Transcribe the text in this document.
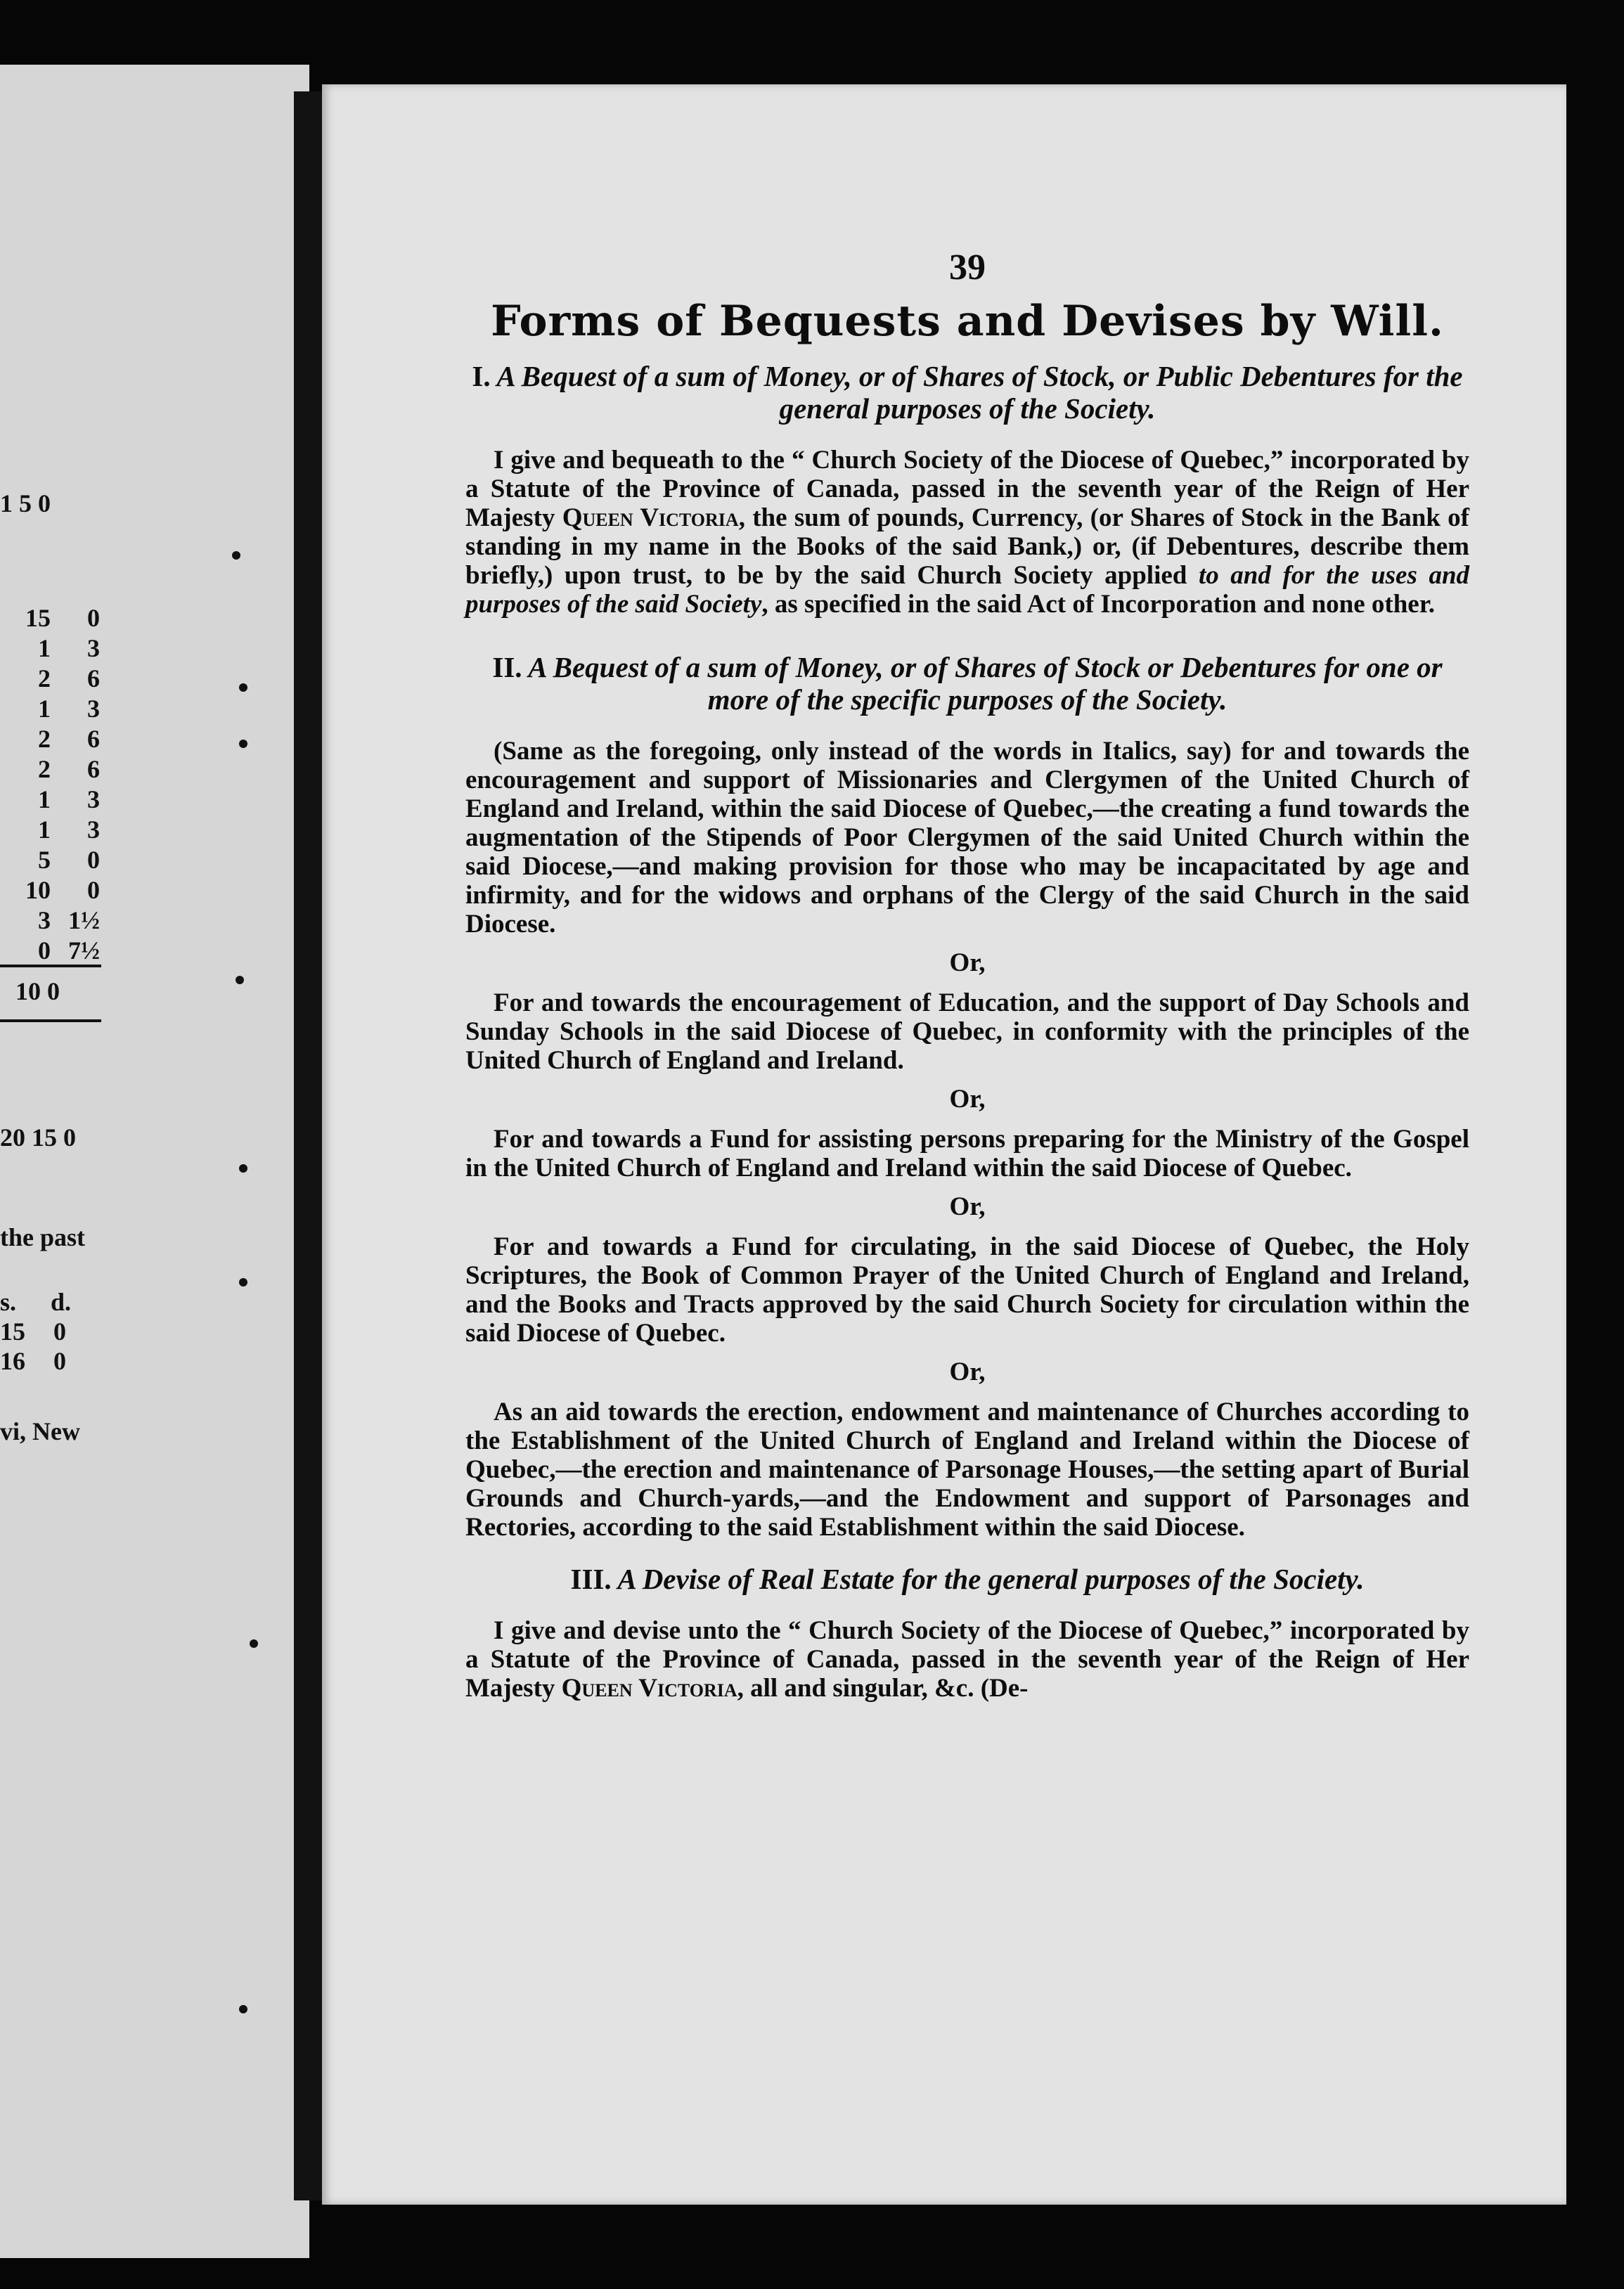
1 5 0
15
1
2
1
2
2
1
1
5
10
3
0
0
3
6
3
6
6
3
3
0
0
1½
7½
10 0
20 15 0
the past
s. d.
15 0
16 0
vi, New
39
Forms of Bequests and Devises by Will.
I. A Bequest of a sum of Money, or of Shares of Stock, or Public Debentures for the general purposes of the Society.

I give and bequeath to the “ Church Society of the Diocese of Quebec,” incorporated by a Statute of the Province of Canada, passed in the seventh year of the Reign of Her Majesty Queen Victoria, the sum of pounds, Currency, (or Shares of Stock in the Bank of standing in my name in the Books of the said Bank,) or, (if Debentures, describe them briefly,) upon trust, to be by the said Church Society applied to and for the uses and purposes of the said Society, as specified in the said Act of Incorporation and none other.

II. A Bequest of a sum of Money, or of Shares of Stock or Debentures for one or more of the specific purposes of the Society.

(Same as the foregoing, only instead of the words in Italics, say) for and towards the encouragement and support of Missionaries and Clergymen of the United Church of England and Ireland, within the said Diocese of Quebec,—the creating a fund towards the augmentation of the Stipends of Poor Clergymen of the said United Church within the said Diocese,—and making provision for those who may be incapacitated by age and infirmity, and for the widows and orphans of the Clergy of the said Church in the said Diocese.

Or,

For and towards the encouragement of Education, and the support of Day Schools and Sunday Schools in the said Diocese of Quebec, in conformity with the principles of the United Church of England and Ireland.

Or,

For and towards a Fund for assisting persons preparing for the Ministry of the Gospel in the United Church of England and Ireland within the said Diocese of Quebec.

Or,

For and towards a Fund for circulating, in the said Diocese of Quebec, the Holy Scriptures, the Book of Common Prayer of the United Church of England and Ireland, and the Books and Tracts approved by the said Church Society for circulation within the said Diocese of Quebec.

Or,

As an aid towards the erection, endowment and maintenance of Churches according to the Establishment of the United Church of England and Ireland within the Diocese of Quebec,—the erection and maintenance of Parsonage Houses,—the setting apart of Burial Grounds and Church-yards,—and the Endowment and support of Parsonages and Rectories, according to the said Establishment within the said Diocese.

III. A Devise of Real Estate for the general purposes of the Society.

I give and devise unto the “ Church Society of the Diocese of Quebec,” incorporated by a Statute of the Province of Canada, passed in the seventh year of the Reign of Her Majesty Queen Victoria, all and singular, &c. (De-
